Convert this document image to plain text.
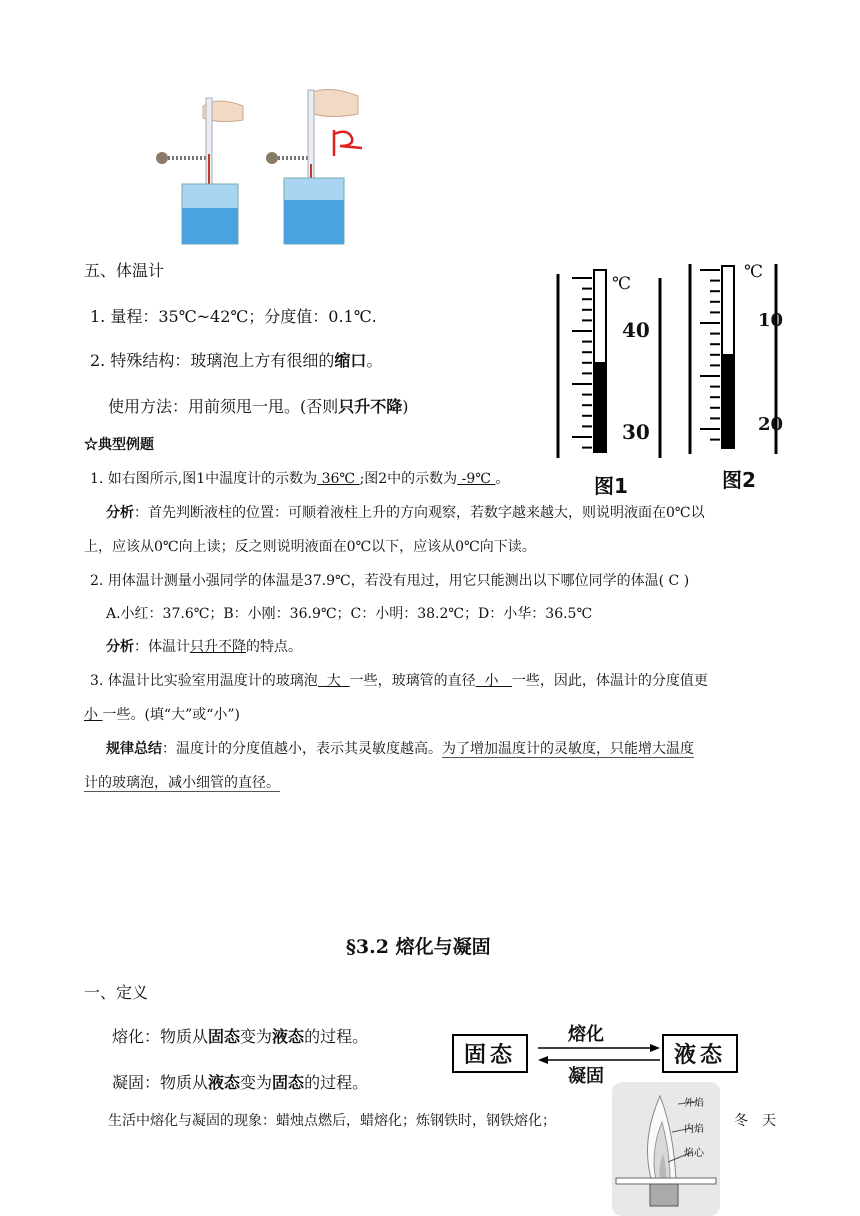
五、体温计
1. 量程：35℃~42℃；分度值：0.1℃.
2. 特殊结构：玻璃泡上方有很细的缩口。
使用方法：用前须甩一甩。(否则只升不降)
℃
40
30
图1
℃
10
20
图2
☆典型例题
1. 如右图所示,图1中温度计的示数为 36℃ ;图2中的示数为 -9℃ 。
分析：首先判断液柱的位置：可顺着液柱上升的方向观察，若数字越来越大，则说明液面在0℃以
上，应该从0℃向上读；反之则说明液面在0℃以下，应该从0℃向下读。
2. 用体温计测量小强同学的体温是37.9℃，若没有甩过，用它只能测出以下哪位同学的体温( C )
A.小红：37.6℃；B：小刚：36.9℃；C：小明：38.2℃；D：小华：36.5℃
分析：体温计只升不降的特点。
3. 体温计比实验室用温度计的玻璃泡  大  一些，玻璃管的直径  小   一些，因此，体温计的分度值更
小 一些。(填“大”或“小”)
规律总结：温度计的分度值越小，表示其灵敏度越高。为了增加温度计的灵敏度，只能增大温度
计的玻璃泡，减小细管的直径。
§3.2 熔化与凝固
一、定义
熔化：物质从固态变为液态的过程。
凝固：物质从液态变为固态的过程。
固态	液态
熔化
凝固
外焰
内焰
焰心
生活中熔化与凝固的现象：蜡烛点燃后，蜡熔化；炼钢铁时，钢铁熔化；	冬　天
